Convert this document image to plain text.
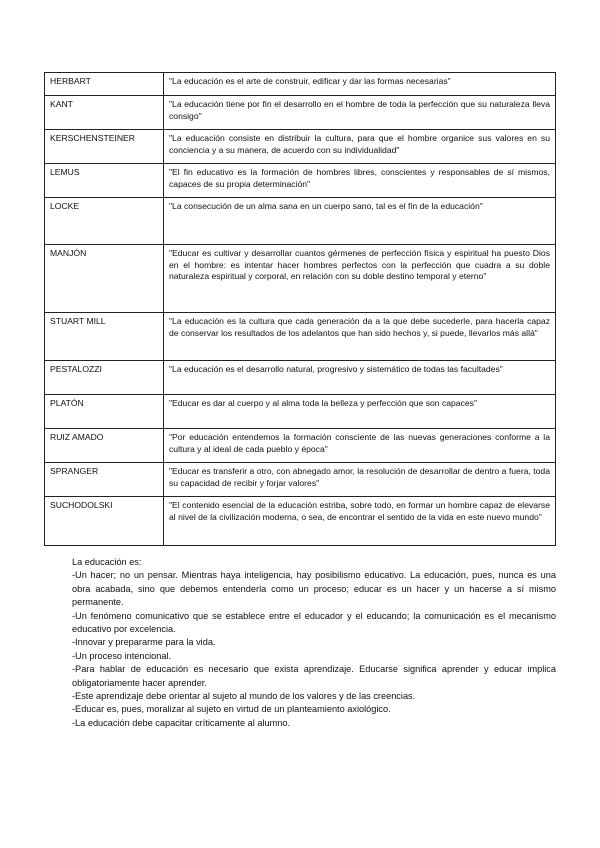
HERBART	"La educación es el arte de construir, edificar y dar las formas necesarias"
KANT	"La educación tiene por fin el desarrollo en el hombre de toda la perfección que su naturaleza lleva consigo"
KERSCHENSTEINER	"La educación consiste en distribuir la cultura, para que el hombre organice sus valores en su conciencia y a su manera, de acuerdo con su individualidad"
LEMUS	"El fin educativo es la formación de hombres libres, conscientes y responsables de sí mismos, capaces de su propia determinación"
LOCKE	"La consecución de un alma sana en un cuerpo sano, tal es el fin de la educación"
MANJÓN	"Educar es cultivar y desarrollar cuantos gérmenes de perfección física y espiritual ha puesto Dios en el hombre: es intentar hacer hombres perfectos con la perfección que cuadra a su doble naturaleza espiritual y corporal, en relación con su doble destino temporal y eterno"
STUART MILL	"La educación es la cultura que cada generación da a la que debe sucederle, para hacerla capaz de conservar los resultados de los adelantos que han sido hechos y, si puede, llevarlos más allá"
PESTALOZZI	"La educación es el desarrollo natural, progresivo y sistemático de todas las facultades"
PLATÓN	"Educar es dar al cuerpo y al alma toda la belleza y perfección que son capaces"
RUIZ AMADO	"Por educación entendemos la formación consciente de las nuevas generaciones conforme a la cultura y al ideal de cada pueblo y época"
SPRANGER	"Educar es transferir a otro, con abnegado amor, la resolución de desarrollar de dentro a fuera, toda su capacidad de recibir y forjar valores"
SUCHODOLSKI	"El contenido esencial de la educación estriba, sobre todo, en formar un hombre capaz de elevarse al nivel de la civilización moderna, o sea, de encontrar el sentido de la vida en este nuevo mundo"

La educación es:

-Un hacer; no un pensar. Mientras haya inteligencia, hay posibilismo educativo. La educación, pues, nunca es una obra acabada, sino que debemos entenderla como un proceso; educar es un hacer y un hacerse a sí mismo permanente.

-Un fenómeno comunicativo que se establece entre el educador y el educando; la comunicación es el mecanismo educativo por excelencia.

-Innovar y prepararme para la vida.

-Un proceso intencional.

-Para hablar de educación es necesario que exista aprendizaje. Educarse significa aprender y educar implica obligatoriamente hacer aprender.

-Este aprendizaje debe orientar al sujeto al mundo de los valores y de las creencias.

-Educar es, pues, moralizar al sujeto en virtud de un planteamiento axiológico.

-La educación debe capacitar críticamente al alumno.
